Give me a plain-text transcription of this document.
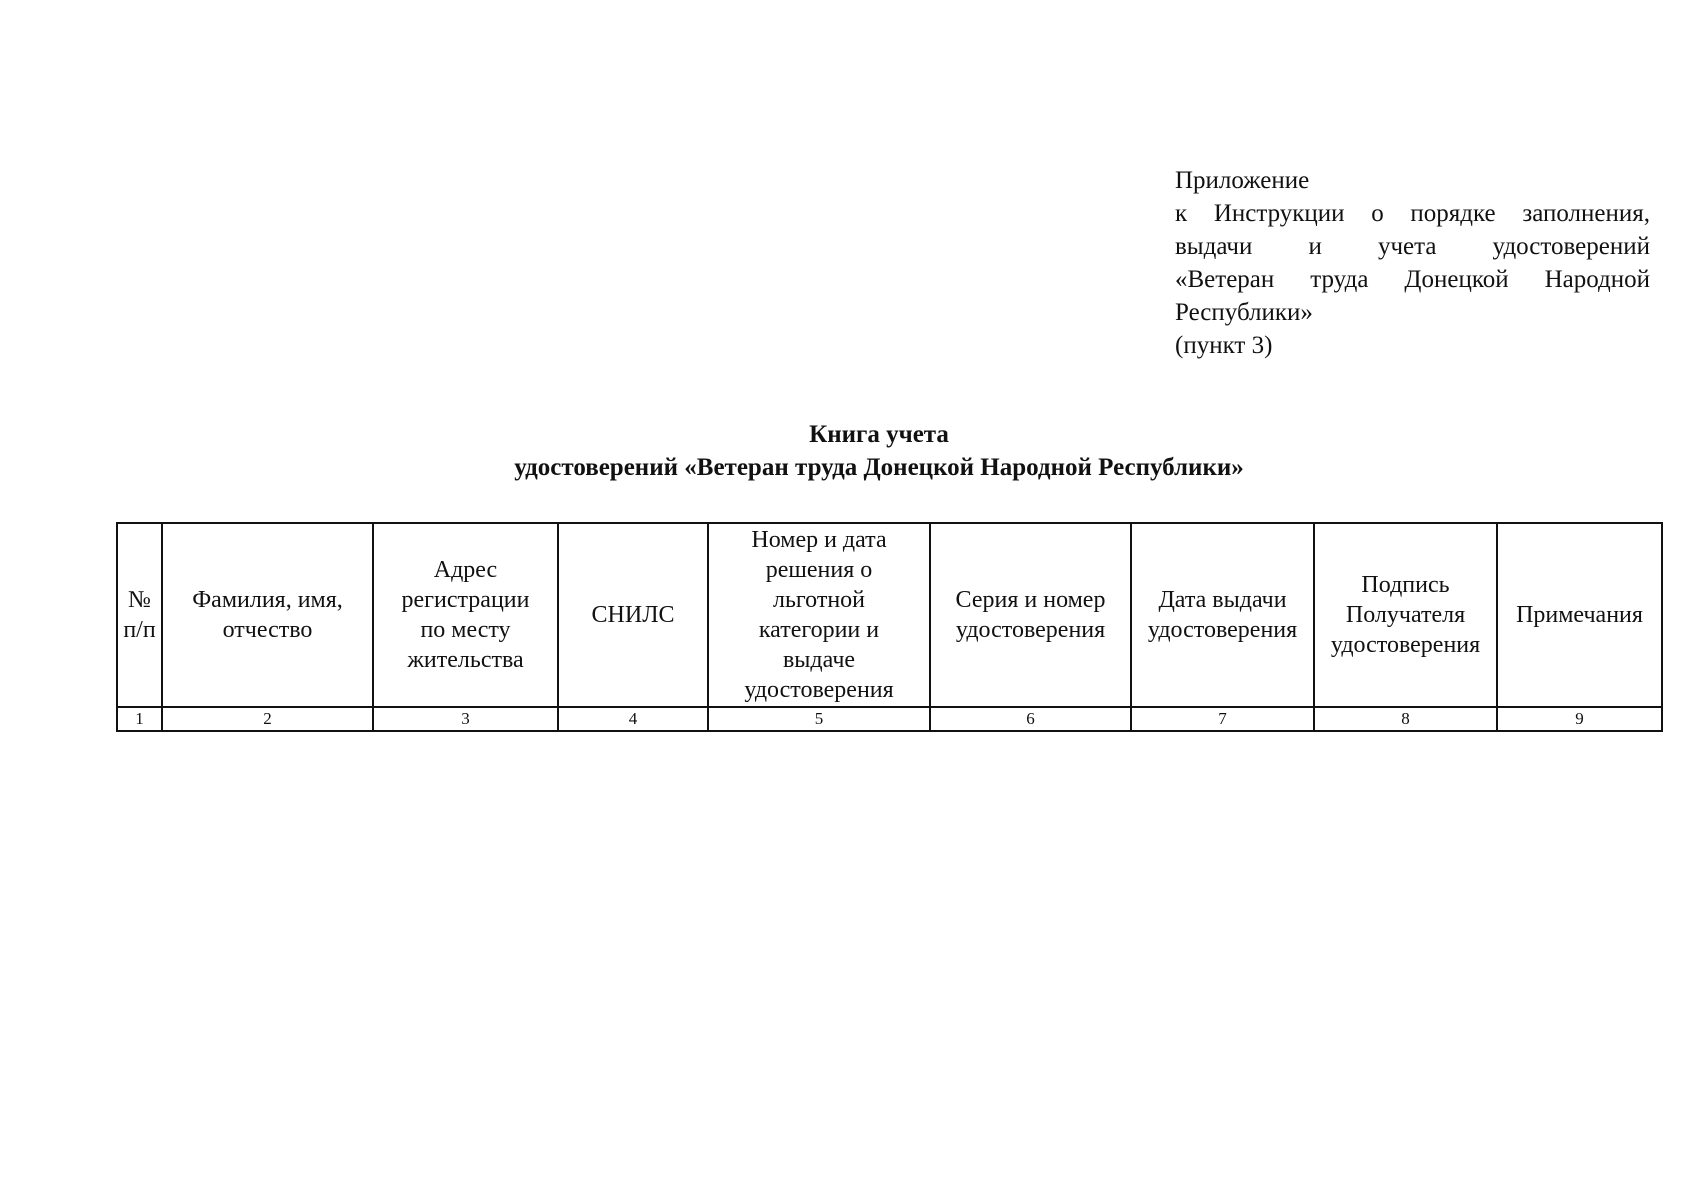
Приложение
к Инструкции о порядке заполнения,
выдачи и учета удостоверений
«Ветеран труда Донецкой Народной
Республики»
(пункт 3)
Книга учета
удостоверений «Ветеран труда Донецкой Народной Республики»
№ п/п	Фамилия, имя, отчество	Адрес регистрации по месту жительства	СНИЛС	Номер и дата решения о льготной категории и выдаче удостоверения	Серия и номер удостоверения	Дата выдачи удостоверения	Подпись Получателя удостоверения	Примечания
1	2	3	4	5	6	7	8	9
